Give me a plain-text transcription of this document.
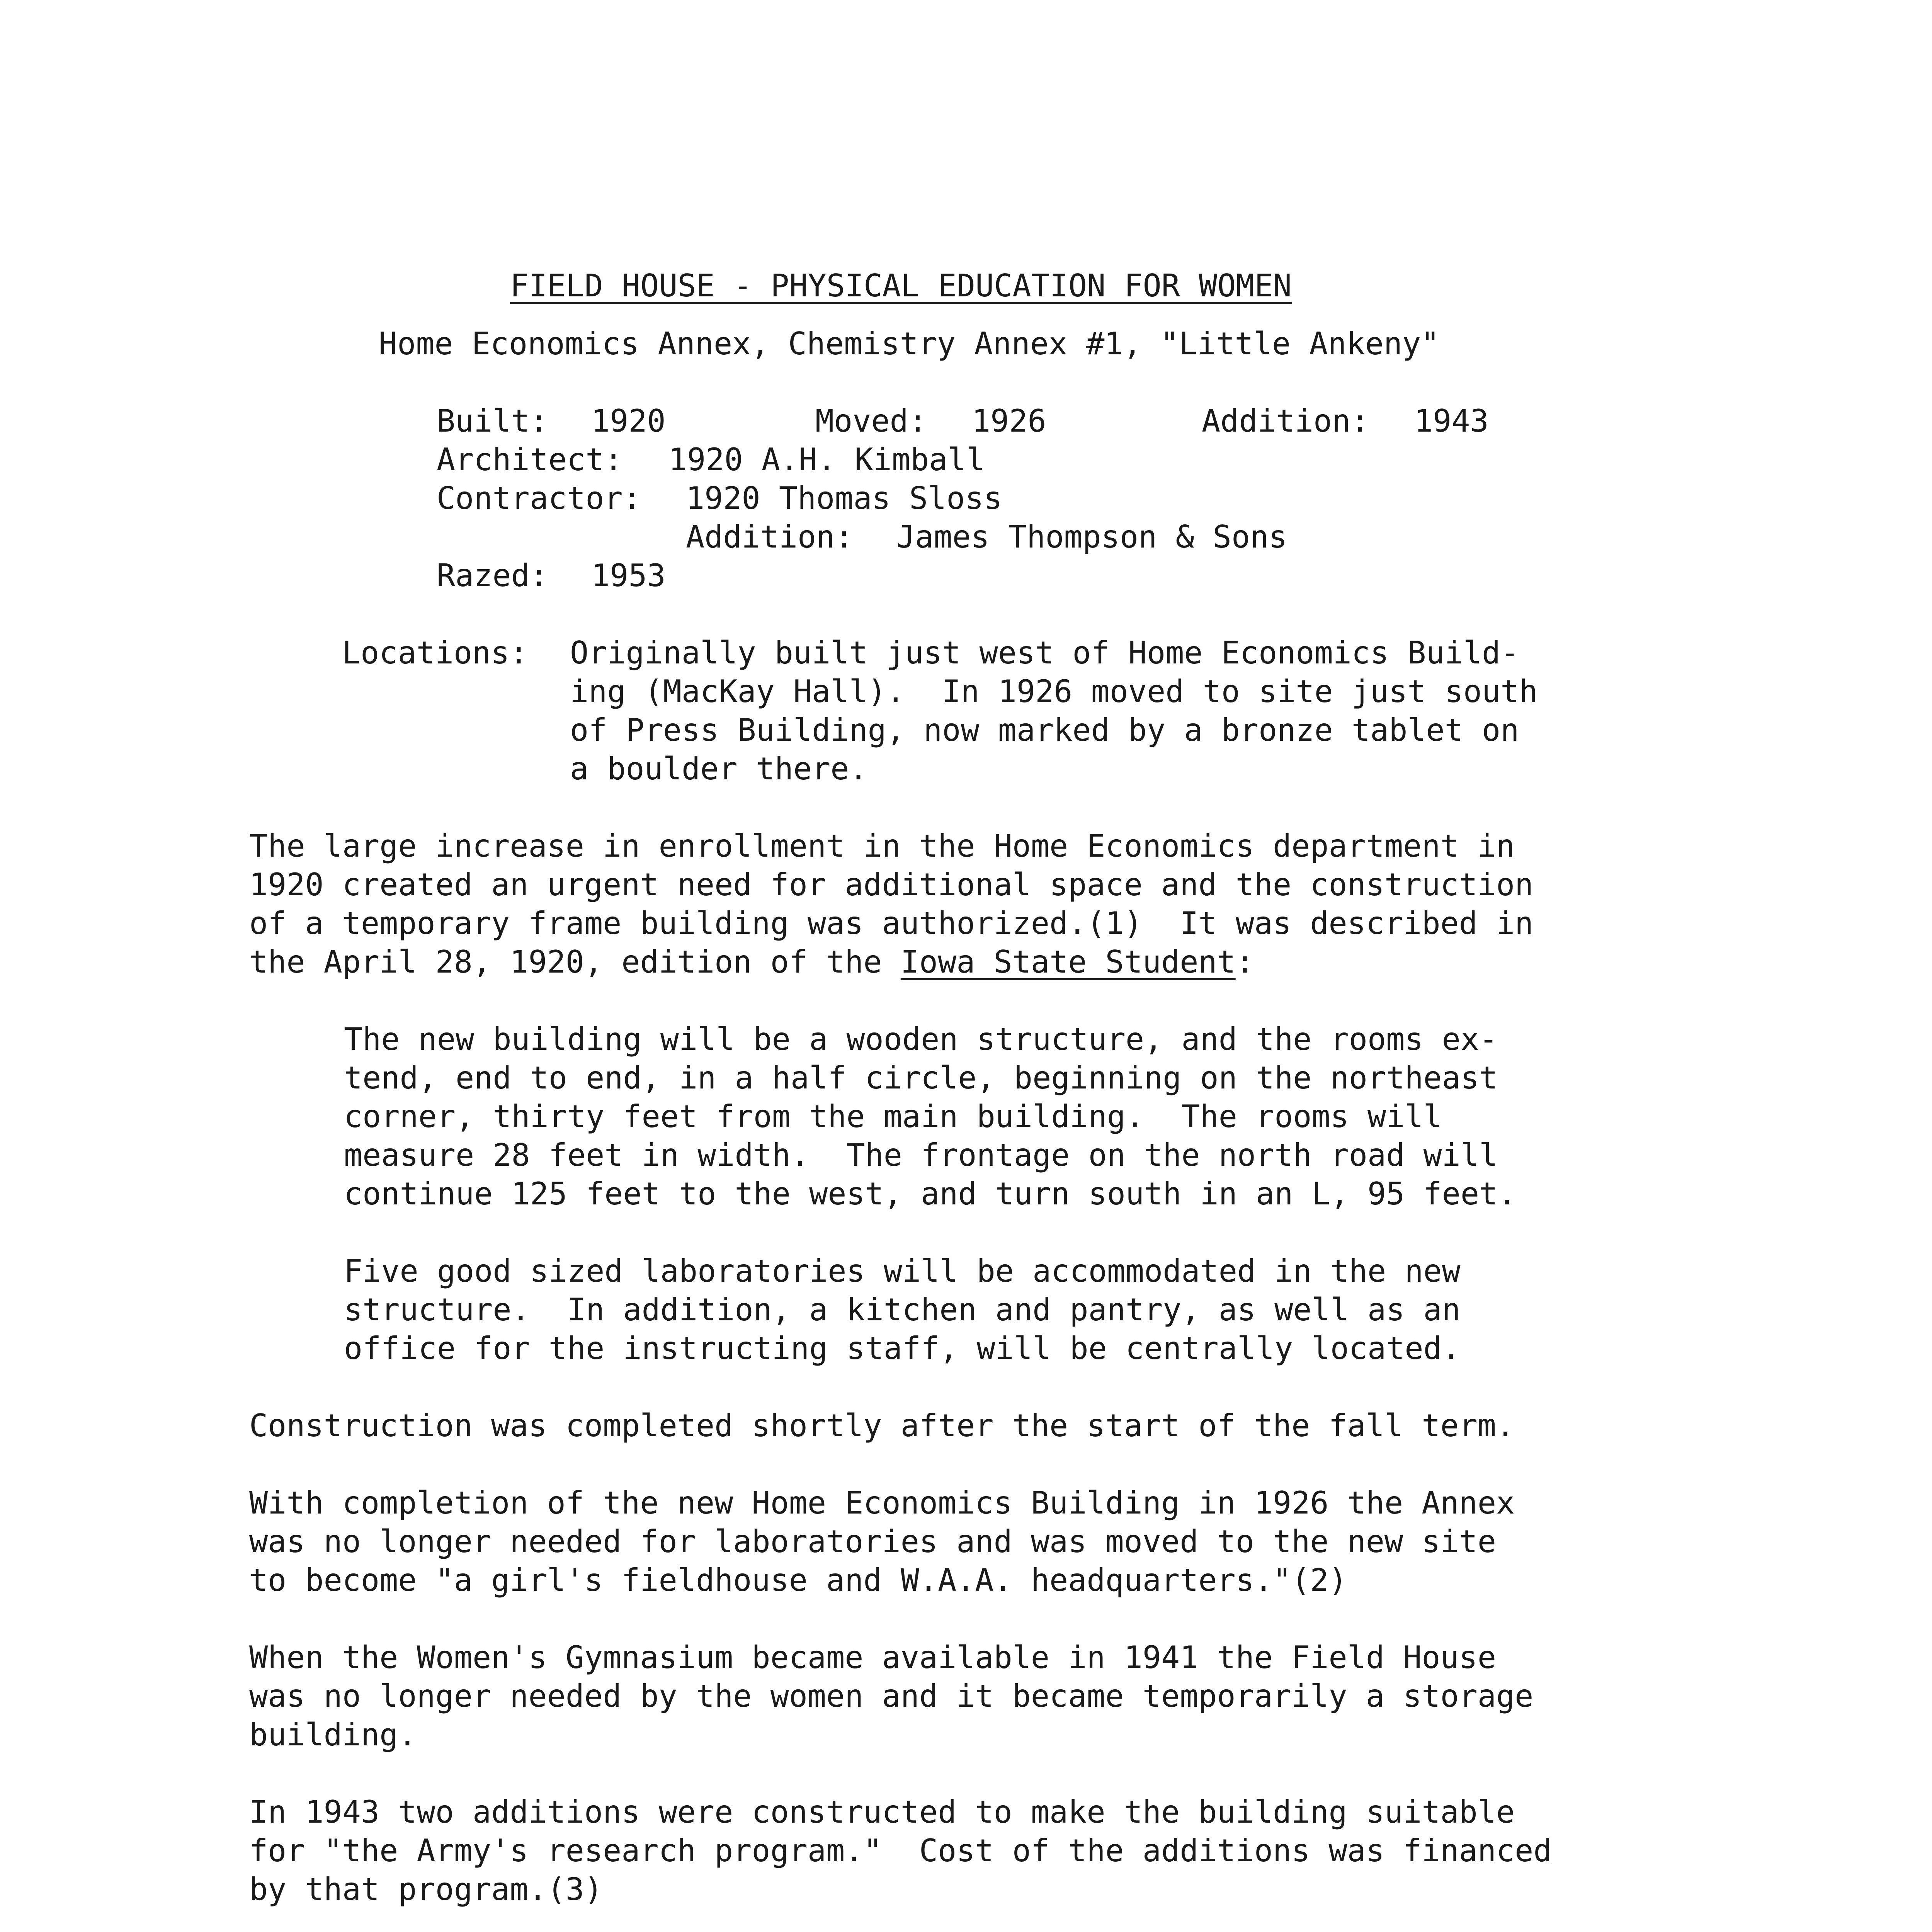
FIELD HOUSE - PHYSICAL EDUCATION FOR WOMEN
Home Economics Annex, Chemistry Annex #1, "Little Ankeny"
Built: 1920	Moved: 1926	Addition: 1943
Architect: 1920 A.H. Kimball
Contractor: 1920 Thomas Sloss
Addition: James Thompson & Sons
Razed: 1953
Locations: Originally built just west of Home Economics Build-
ing (MacKay Hall).  In 1926 moved to site just south
of Press Building, now marked by a bronze tablet on
a boulder there.
The large increase in enrollment in the Home Economics department in
1920 created an urgent need for additional space and the construction
of a temporary frame building was authorized.(1)  It was described in
the April 28, 1920, edition of the Iowa State Student:
The new building will be a wooden structure, and the rooms ex-
tend, end to end, in a half circle, beginning on the northeast
corner, thirty feet from the main building.  The rooms will
measure 28 feet in width.  The frontage on the north road will
continue 125 feet to the west, and turn south in an L, 95 feet.
Five good sized laboratories will be accommodated in the new
structure.  In addition, a kitchen and pantry, as well as an
office for the instructing staff, will be centrally located.
Construction was completed shortly after the start of the fall term.
With completion of the new Home Economics Building in 1926 the Annex
was no longer needed for laboratories and was moved to the new site
to become "a girl's fieldhouse and W.A.A. headquarters."(2)
When the Women's Gymnasium became available in 1941 the Field House
was no longer needed by the women and it became temporarily a storage
building.
In 1943 two additions were constructed to make the building suitable
for "the Army's research program."  Cost of the additions was financed
by that program.(3)
